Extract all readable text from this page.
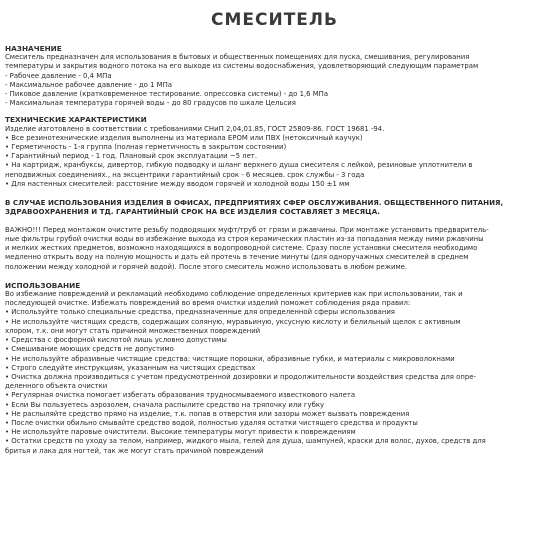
СМЕСИТЕЛЬ
НАЗНАЧЕНИЕ
Смеситель предназначен для использования в бытовых и общественных помещениях для пуска, смешивания, регулирования
температуры и закрытия водного потока на его выходе из системы водоснабжения, удовлетворяющий следующим параметрам
- Рабочее давление - 0,4 МПа
- Максимальное рабочее давление - до 1 МПа
- Пиковое давление (кратковременное тестирование. опрессовка системы) - до 1,6 МПа
- Максимальная температура горячей воды - до 80 градусов по шкале Цельсия
ТЕХНИЧЕСКИЕ ХАРАКТЕРИСТИКИ
Изделие изготовлено в соответствии с требованиями СНиП 2,04,01.85, ГОСТ 25809-86. ГОСТ 19681 -94.
• Все резинотехнические изделия выполнены из материала EPOM или ПВХ (нетоксичный каучук)
• Герметичность - 1-я группа (полная герметичность в закрытом состоянии)
• Гарантийный период - 1 год. Плановый срок эксплуатации ~5 лет.
• На картридж, кранбуксы, дивертор, гибкую подводку и шланг верхнего душа смесителя с лейкой, резиновые уплотнители в
неподвижных соединениях., на эксцентрики гарантийный срок - 6 месяцев. срок службы - 3 года
• Для настенных смесителей: расстояние между вводом горячей и холодной воды 150 ±1 мм
В СЛУЧАЕ ИСПОЛЬЗОВАНИЯ ИЗДЕЛИЯ В ОФИСАХ, ПРЕДПРИЯТИЯХ СФЕР ОБСЛУЖИВАНИЯ. ОБЩЕСТВЕННОГО ПИТАНИЯ,
ЗДРАВООХРАНЕНИЯ И ТД. ГАРАНТИЙНЫЙ СРОК НА ВСЕ ИЗДЕЛИЯ СОСТАВЛЯЕТ 3 МЕСЯЦА.
ВАЖНО!!! Перед монтажом очистите резьбу подводящих муфт/труб от грязи и ржавчины. При монтаже установить предваритель-
ные фильтры грубой очистки воды во избежание выхода из строя керамических пластин из-за попадания между ними ржавчины
и мелких жестких предметов, возможно находящихся в водопроводной системе. Сразу после установки смесителя необходимо
медленно открыть воду на полную мощность и дать ей протечь в течение минуты (для одноручажных смесителей в среднем
положении между холодной и горячей водой). После этого смеситель можно использовать в любом режиме.
ИСПОЛЬЗОВАНИЕ
Во избежание повреждений и рекламаций необходимо соблюдение определенных критериев как при использовании, так и
последующей очистке. Избежать повреждений во время очистки изделий поможет соблюдения ряда правил:
• Используйте только специальные средства, предназначенные для определенной сферы использования
• Не используйте чистящих средств, содержащих соляную, муравьиную, уксусную кислоту и белильный щелок с активным
хлором, т.к. они могут стать причиной множественных повреждений
• Средства с фосфорной кислотой лишь условно допустимы
• Смешивание моющих средств не допустимо
• Не используйте абразивные чистящие средства: чистящие порошки, абразивные губки, и материалы с микроволокнами
• Строго следуйте инструкциям, указанным на чистящих средствах
• Очистка должна производиться с учетом предусмотренной дозировки и продолжительности воздействия средства для опре-
деленного объекта очистки
• Регулярная очистка помогает избегать образования трудносмываемого известкового налета
• Если Вы пользуетесь аэрозолем, сначала распылите средство на тряпочку или губку
• Не распыляйте средство прямо на изделие, т.к. попав в отверстия или зазоры может вызвать повреждения
• После очистки обильно смывайте средство водой, полностью удаляя остатки чистящего средства и продукты
• Не используйте паровые очистители. Высокие температуры могут привести к повреждениям
• Остатки средств по уходу за телом, например, жидкого мыла, гелей для душа, шампуней, краски для волос, духов, средств для
бритья и лака для ногтей, так же могут стать причиной повреждений
